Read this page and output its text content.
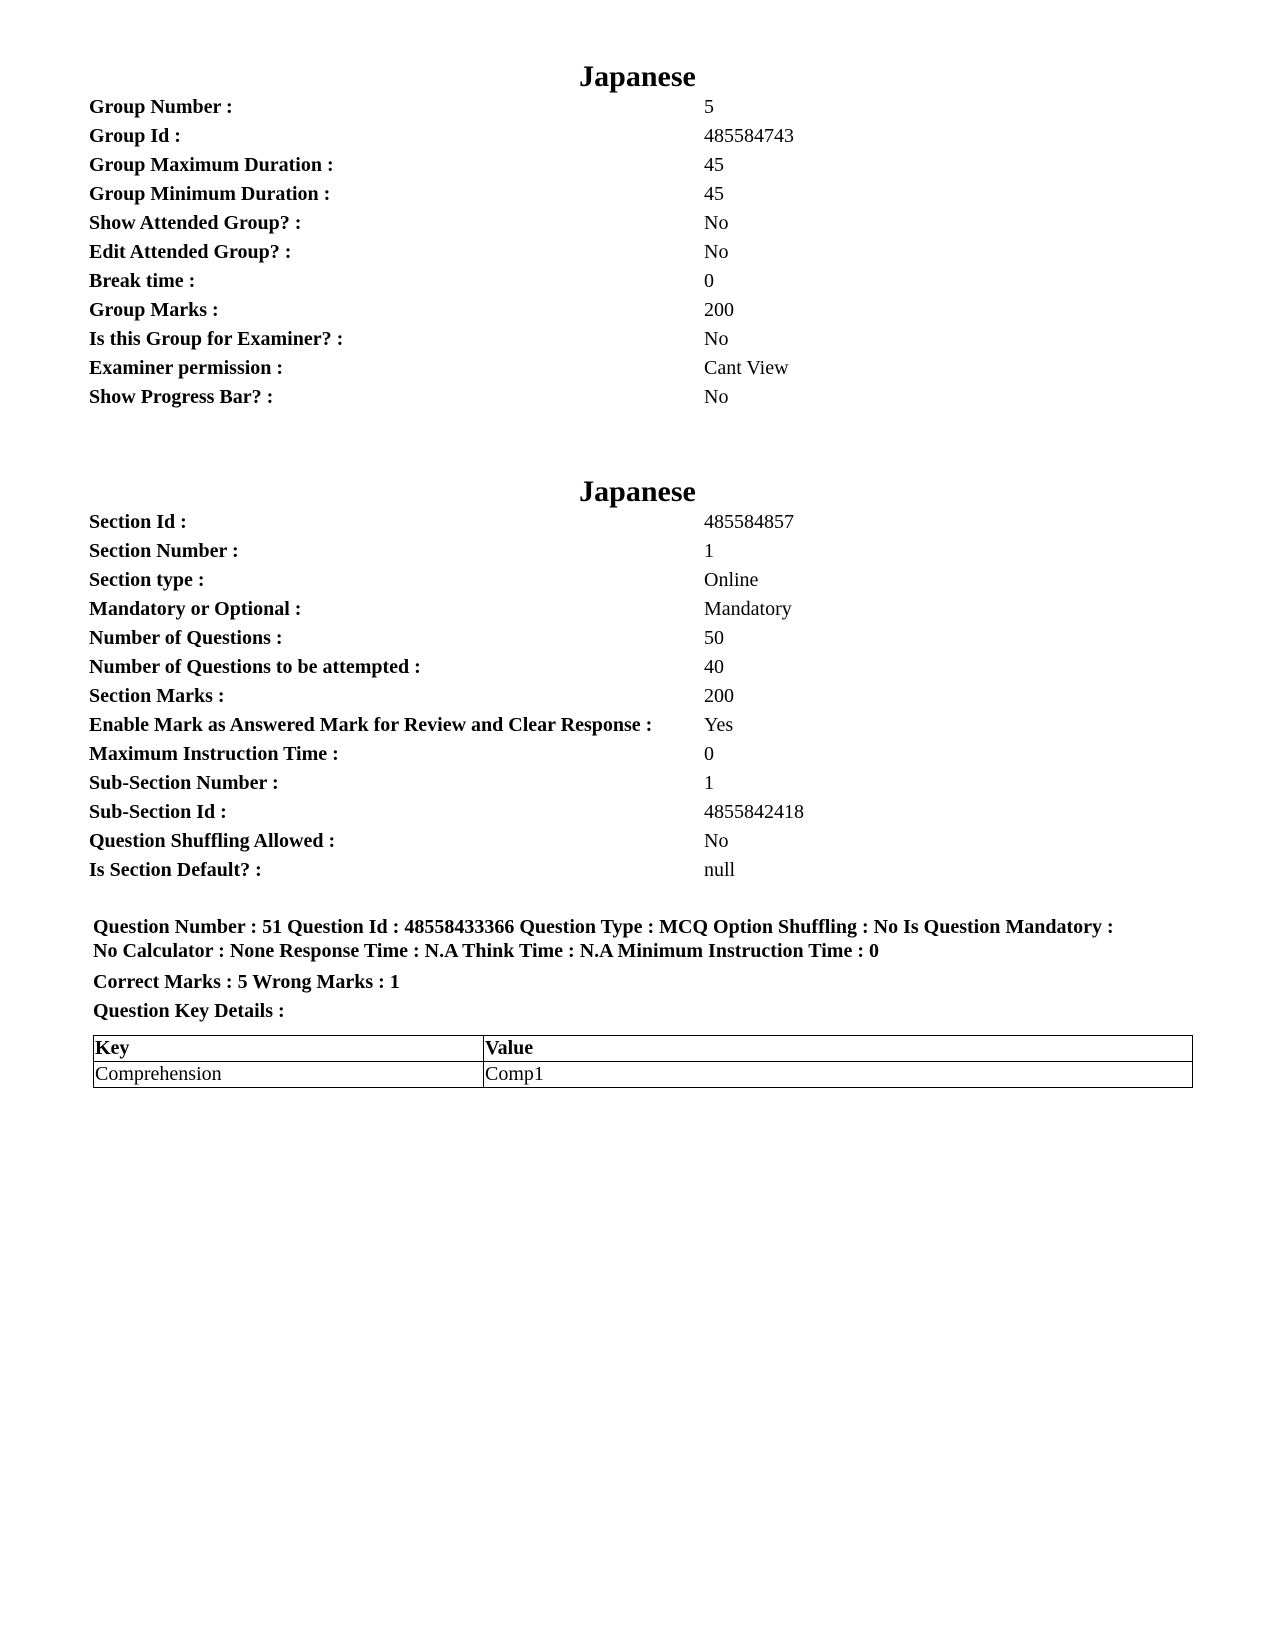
Japanese
Group Number :	5
Group Id :	485584743
Group Maximum Duration :	45
Group Minimum Duration :	45
Show Attended Group? :	No
Edit Attended Group? :	No
Break time :	0
Group Marks :	200
Is this Group for Examiner? :	No
Examiner permission :	Cant View
Show Progress Bar? :	No
Japanese
Section Id :	485584857
Section Number :	1
Section type :	Online
Mandatory or Optional :	Mandatory
Number of Questions :	50
Number of Questions to be attempted :	40
Section Marks :	200
Enable Mark as Answered Mark for Review and Clear Response :	Yes
Maximum Instruction Time :	0
Sub-Section Number :	1
Sub-Section Id :	4855842418
Question Shuffling Allowed :	No
Is Section Default? :	null
Question Number : 51 Question Id : 48558433366 Question Type : MCQ Option Shuffling : No Is Question Mandatory :
No Calculator : None Response Time : N.A Think Time : N.A Minimum Instruction Time : 0
Correct Marks : 5 Wrong Marks : 1
Question Key Details :
Key	Value
Comprehension	Comp1
